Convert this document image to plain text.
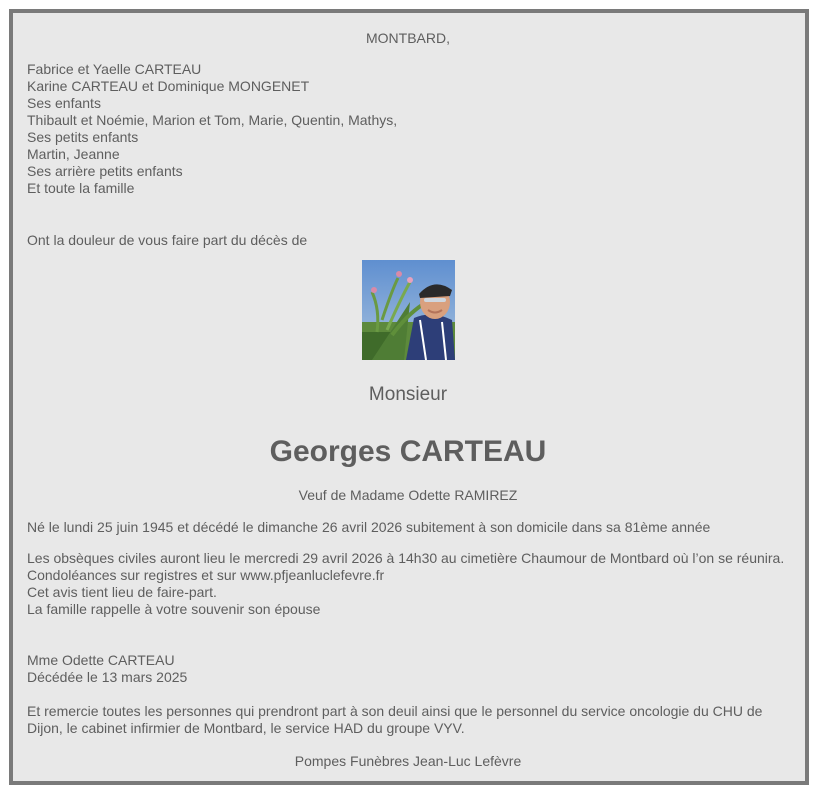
MONTBARD,
Fabrice et Yaelle CARTEAU
Karine CARTEAU et Dominique MONGENET
Ses enfants
Thibault et Noémie, Marion et Tom, Marie, Quentin, Mathys,
Ses petits enfants
Martin, Jeanne
Ses arrière petits enfants
Et toute la famille
Ont la douleur de vous faire part du décès de
Monsieur
Georges CARTEAU
Veuf de Madame Odette RAMIREZ
Né le lundi 25 juin 1945 et décédé le dimanche 26 avril 2026 subitement à son domicile dans sa 81ème année
Les obsèques civiles auront lieu le mercredi 29 avril 2026 à 14h30 au cimetière Chaumour de Montbard où l’on se réunira.
Condoléances sur registres et sur www.pfjeanluclefevre.fr
Cet avis tient lieu de faire-part.
La famille rappelle à votre souvenir son épouse
Mme Odette CARTEAU
Décédée le 13 mars 2025
Et remercie toutes les personnes qui prendront part à son deuil ainsi que le personnel du service oncologie du CHU de Dijon, le cabinet infirmier de Montbard, le service HAD du groupe VYV.
Pompes Funèbres Jean-Luc Lefèvre
